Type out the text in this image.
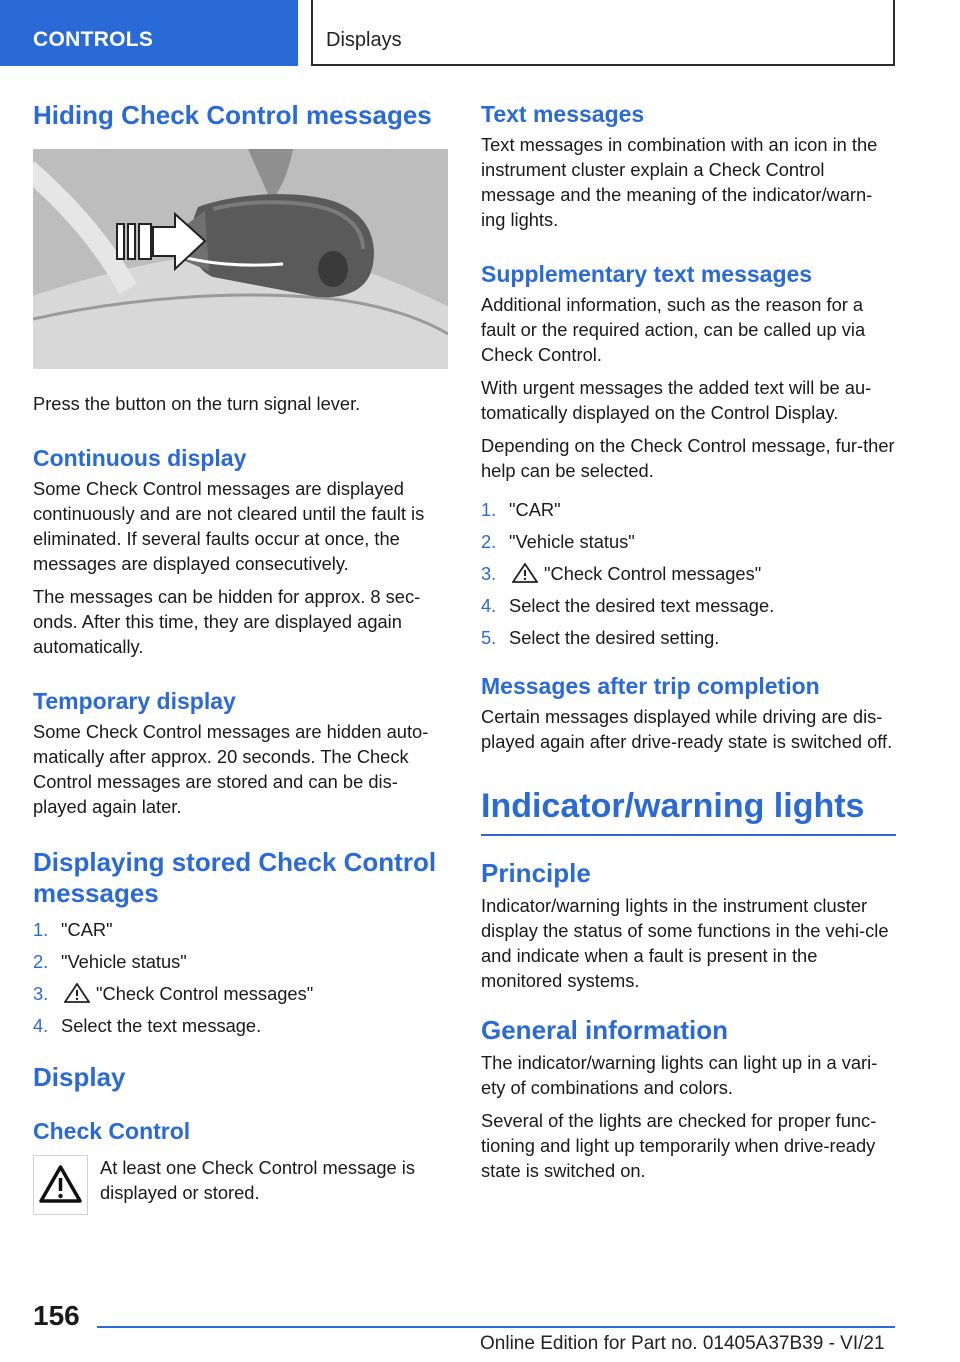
CONTROLS	Displays
Hiding Check Control messages

Press the button on the turn signal lever.

Continuous display

Some Check Control messages are displayed continuously and are not cleared until the fault is eliminated. If several faults occur at once, the messages are displayed consecutively.

The messages can be hidden for approx. 8 sec‐onds. After this time, they are displayed again automatically.

Temporary display

Some Check Control messages are hidden auto‐matically after approx. 20 seconds. The Check Control messages are stored and can be dis‐played again later.

Displaying stored Check Control messages
1. "CAR"
2. "Vehicle status"
3.	"Check Control messages"
4. Select the text message.
Display
Check Control

At least one Check Control message is displayed or stored.

Text messages

Text messages in combination with an icon in the instrument cluster explain a Check Control message and the meaning of the indicator/warn‐ing lights.

Supplementary text messages

Additional information, such as the reason for a fault or the required action, can be called up via Check Control.

With urgent messages the added text will be au‐tomatically displayed on the Control Display.

Depending on the Check Control message, fur‐ther help can be selected.

1. "CAR"
2. "Vehicle status"
3.	"Check Control messages"
4. Select the desired text message.
5. Select the desired setting.
Messages after trip completion

Certain messages displayed while driving are dis‐played again after drive-ready state is switched off.

Indicator/warning lights
Principle

Indicator/warning lights in the instrument cluster display the status of some functions in the vehi‐cle and indicate when a fault is present in the monitored systems.

General information

The indicator/warning lights can light up in a vari‐ety of combinations and colors.

Several of the lights are checked for proper func‐tioning and light up temporarily when drive-ready state is switched on.

156
Online Edition for Part no. 01405A37B39 - VI/21
